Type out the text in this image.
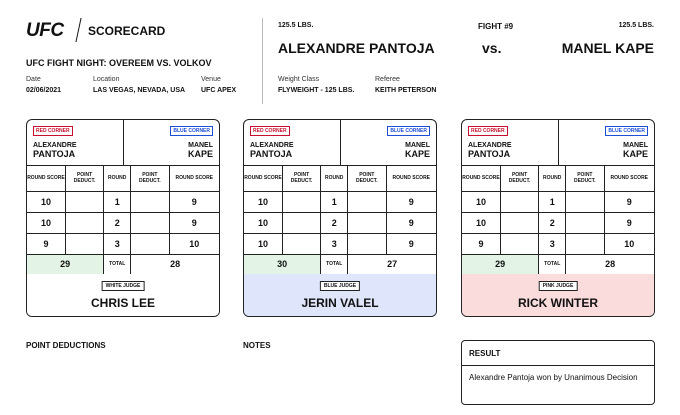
UFC SCORECARD
UFC FIGHT NIGHT: OVEREEM VS. VOLKOV
Date
02/06/2021
Location
LAS VEGAS, NEVADA, USA
Venue
UFC APEX
125.5 LBS.
ALEXANDRE PANTOJA
FIGHT #9
vs.
125.5 LBS.
MANEL KAPE
Weight Class
FLYWEIGHT - 125 LBS.
Referee
KEITH PETERSON
RED CORNER	BLUE CORNER
ALEXANDRE
PANTOJA
MANEL
KAPE
ROUND SCORE	POINT DEDUCT.	ROUND	POINT DEDUCT.	ROUND SCORE
10		1		9
10		2		9
9		3		10
29		TOTAL	28	
WHITE JUDGE
CHRIS LEE
RED CORNER	BLUE CORNER
ALEXANDRE
PANTOJA
MANEL
KAPE
ROUND SCORE	POINT DEDUCT.	ROUND	POINT DEDUCT.	ROUND SCORE
10		1		9
10		2		9
10		3		9
30		TOTAL	27	
BLUE JUDGE
JERIN VALEL
RED CORNER	BLUE CORNER
ALEXANDRE
PANTOJA
MANEL
KAPE
ROUND SCORE	POINT DEDUCT.	ROUND	POINT DEDUCT.	ROUND SCORE
10		1		9
10		2		9
9		3		10
29		TOTAL	28	
PINK JUDGE
RICK WINTER
POINT DEDUCTIONS	NOTES
RESULT
Alexandre Pantoja won by Unanimous Decision
